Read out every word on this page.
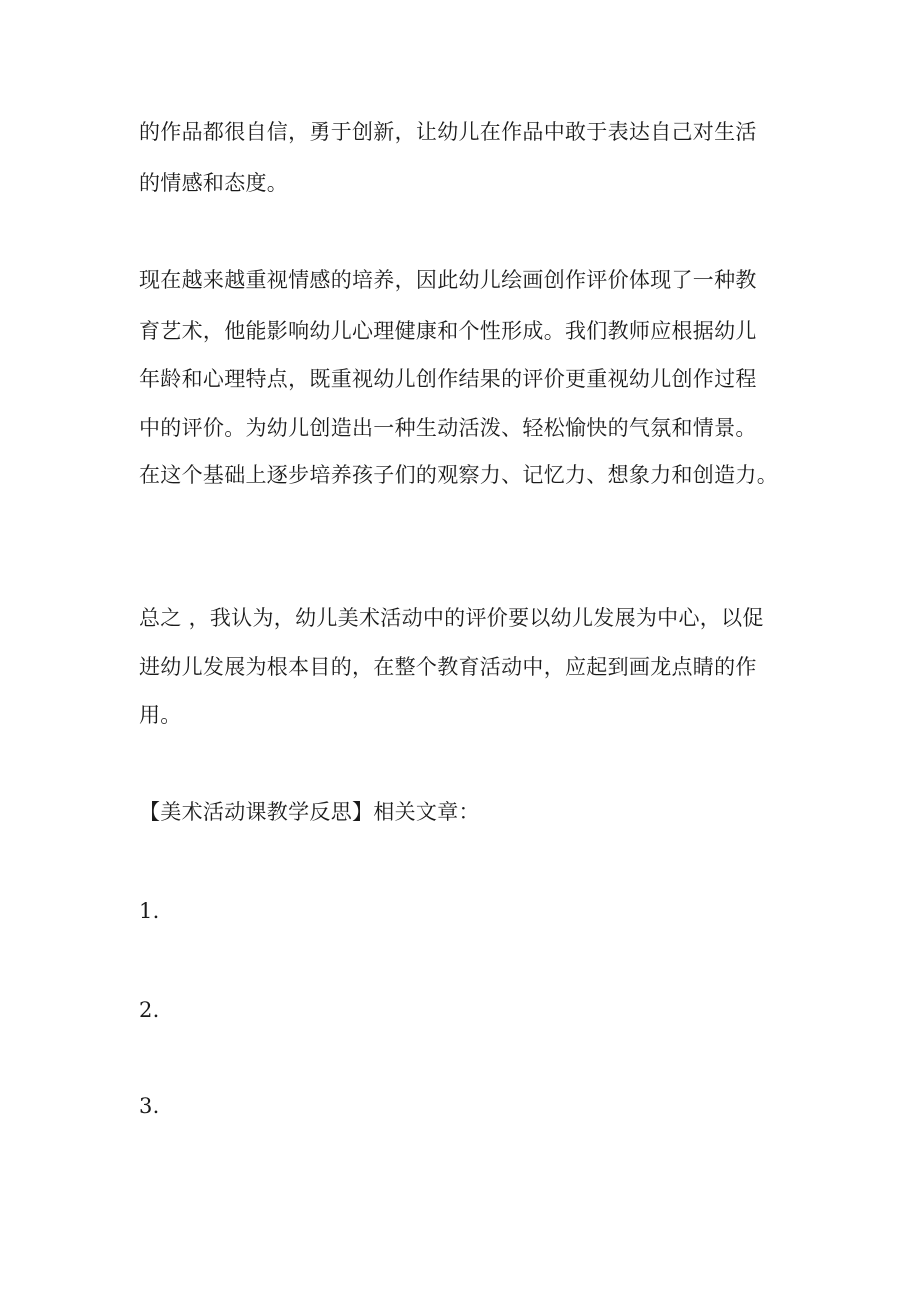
的作品都很自信，勇于创新，让幼儿在作品中敢于表达自己对生活
的情感和态度。
现在越来越重视情感的培养，因此幼儿绘画创作评价体现了一种教
育艺术，他能影响幼儿心理健康和个性形成。我们教师应根据幼儿
年龄和心理特点，既重视幼儿创作结果的评价更重视幼儿创作过程
中的评价。为幼儿创造出一种生动活泼、轻松愉快的气氛和情景。
在这个基础上逐步培养孩子们的观察力、记忆力、想象力和创造力。
总之 ，我认为，幼儿美术活动中的评价要以幼儿发展为中心，以促
进幼儿发展为根本目的，在整个教育活动中，应起到画龙点睛的作
用。
【美术活动课教学反思】相关文章：
1.
2.
3.
